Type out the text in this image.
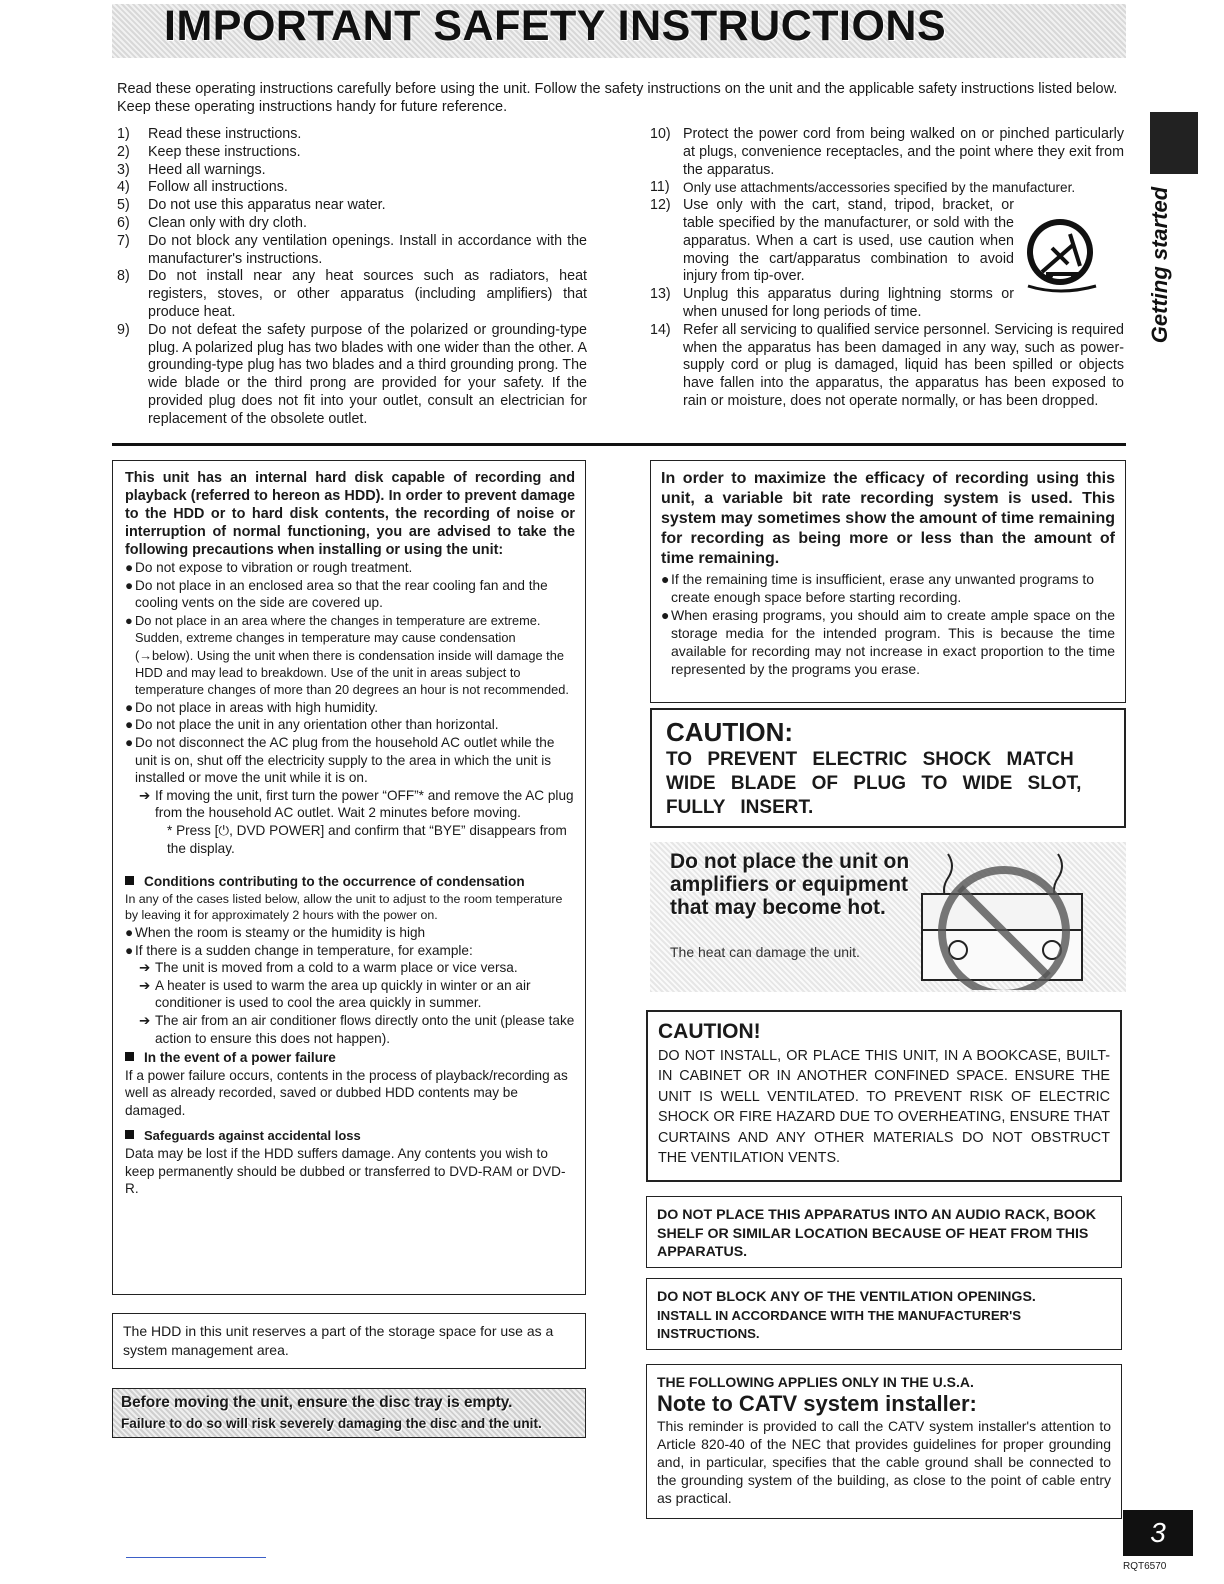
IMPORTANT SAFETY INSTRUCTIONS
Read these operating instructions carefully before using the unit. Follow the safety instructions on the unit and the applicable safety instructions listed below. Keep these operating instructions handy for future reference.
1)	Read these instructions.
2)	Keep these instructions.
3)	Heed all warnings.
4)	Follow all instructions.
5)	Do not use this apparatus near water.
6)	Clean only with dry cloth.
7)	Do not block any ventilation openings. Install in accordance with the manufacturer's instructions.
8)	Do not install near any heat sources such as radiators, heat registers, stoves, or other apparatus (including amplifiers) that produce heat.
9)	Do not defeat the safety purpose of the polarized or grounding-type plug. A polarized plug has two blades with one wider than the other. A grounding-type plug has two blades and a third grounding prong. The wide blade or the third prong are provided for your safety. If the provided plug does not fit into your outlet, consult an electrician for replacement of the obsolete outlet.
10) Protect the power cord from being walked on or pinched particularly at plugs, convenience receptacles, and the point where they exit from the apparatus.
11) Only use attachments/accessories specified by the manufacturer.
12) Use only with the cart, stand, tripod, bracket, or table specified by the manufacturer, or sold with the apparatus. When a cart is used, use caution when moving the cart/apparatus combination to avoid injury from tip-over.
13) Unplug this apparatus during lightning storms or when unused for long periods of time.
14) Refer all servicing to qualified service personnel. Servicing is required when the apparatus has been damaged in any way, such as power-supply cord or plug is damaged, liquid has been spilled or objects have fallen into the apparatus, the apparatus has been exposed to rain or moisture, does not operate normally, or has been dropped.
Getting started
This unit has an internal hard disk capable of recording and playback (referred to hereon as HDD). In order to prevent damage to the HDD or to hard disk contents, the recording of noise or interruption of normal functioning, you are advised to take the following precautions when installing or using the unit:
● Do not expose to vibration or rough treatment.
● Do not place in an enclosed area so that the rear cooling fan and the cooling vents on the side are covered up.
● Do not place in an area where the changes in temperature are extreme. Sudden, extreme changes in temperature may cause condensation (→below). Using the unit when there is condensation inside will damage the HDD and may lead to breakdown. Use of the unit in areas subject to temperature changes of more than 20 degrees an hour is not recommended.
● Do not place in areas with high humidity.
● Do not place the unit in any orientation other than horizontal.
● Do not disconnect the AC plug from the household AC outlet while the unit is on, shut off the electricity supply to the area in which the unit is installed or move the unit while it is on.
➔ If moving the unit, first turn the power “OFF”* and remove the AC plug from the household AC outlet. Wait 2 minutes before moving.
* Press [⏻, DVD POWER] and confirm that “BYE” disappears from the display.
Conditions contributing to the occurrence of condensation
In any of the cases listed below, allow the unit to adjust to the room temperature by leaving it for approximately 2 hours with the power on.
● When the room is steamy or the humidity is high
● If there is a sudden change in temperature, for example:
➔ The unit is moved from a cold to a warm place or vice versa.
➔ A heater is used to warm the area up quickly in winter or an air conditioner is used to cool the area quickly in summer.
➔ The air from an air conditioner flows directly onto the unit (please take action to ensure this does not happen).
In the event of a power failure
If a power failure occurs, contents in the process of playback/recording as well as already recorded, saved or dubbed HDD contents may be damaged.
Safeguards against accidental loss
Data may be lost if the HDD suffers damage. Any contents you wish to keep permanently should be dubbed or transferred to DVD-RAM or DVD-R.
The HDD in this unit reserves a part of the storage space for use as a system management area.
Before moving the unit, ensure the disc tray is empty.
Failure to do so will risk severely damaging the disc and the unit.
In order to maximize the efficacy of recording using this unit, a variable bit rate recording system is used. This system may sometimes show the amount of time remaining for recording as being more or less than the amount of time remaining.
● If the remaining time is insufficient, erase any unwanted programs to create enough space before starting recording.
● When erasing programs, you should aim to create ample space on the storage media for the intended program. This is because the time available for recording may not increase in exact proportion to the time represented by the programs you erase.
CAUTION:
TO PREVENT ELECTRIC SHOCK MATCH WIDE BLADE OF PLUG TO WIDE SLOT, FULLY INSERT.
Do not place the unit on amplifiers or equipment that may become hot.
The heat can damage the unit.
CAUTION!
DO NOT INSTALL, OR PLACE THIS UNIT, IN A BOOKCASE, BUILT-IN CABINET OR IN ANOTHER CONFINED SPACE. ENSURE THE UNIT IS WELL VENTILATED. TO PREVENT RISK OF ELECTRIC SHOCK OR FIRE HAZARD DUE TO OVERHEATING, ENSURE THAT CURTAINS AND ANY OTHER MATERIALS DO NOT OBSTRUCT THE VENTILATION VENTS.
DO NOT PLACE THIS APPARATUS INTO AN AUDIO RACK, BOOK SHELF OR SIMILAR LOCATION BECAUSE OF HEAT FROM THIS APPARATUS.
DO NOT BLOCK ANY OF THE VENTILATION OPENINGS.
INSTALL IN ACCORDANCE WITH THE MANUFACTURER'S INSTRUCTIONS.
THE FOLLOWING APPLIES ONLY IN THE U.S.A.
Note to CATV system installer:
This reminder is provided to call the CATV system installer's attention to Article 820-40 of the NEC that provides guidelines for proper grounding and, in particular, specifies that the cable ground shall be connected to the grounding system of the building, as close to the point of cable entry as practical.
3
RQT6570
